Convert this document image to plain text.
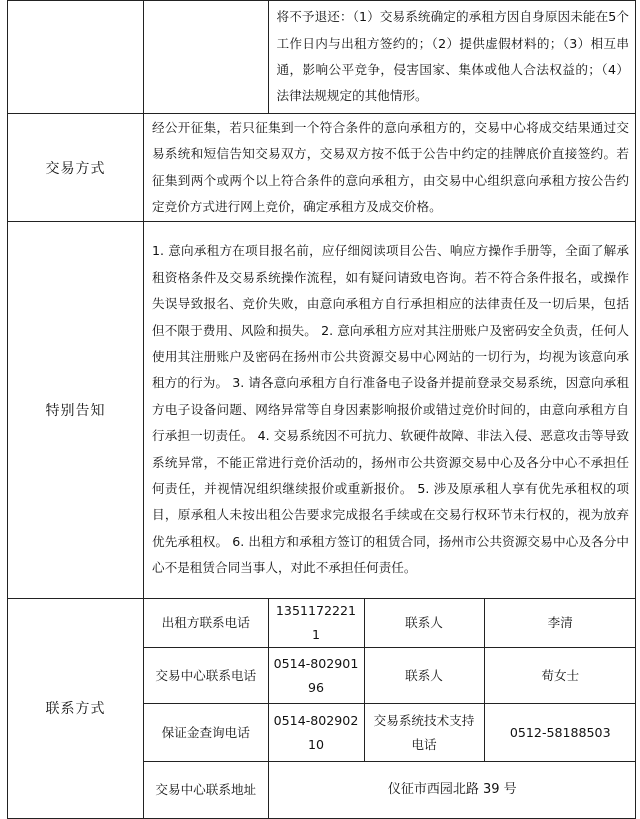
	将不予退还：（1）交易系统确定的承租方因自身原因未能在5个工作日内与出租方签约的；（2）提供虚假材料的；（3）相互串通，影响公平竞争，侵害国家、集体或他人合法权益的；（4）法律法规规定的其他情形。

交易方式	经公开征集，若只征集到一个符合条件的意向承租方的，交易中心将成交结果通过交易系统和短信告知交易双方，交易双方按不低于公告中约定的挂牌底价直接签约。若征集到两个或两个以上符合条件的意向承租方，由交易中心组织意向承租方按公告约定竞价方式进行网上竞价，确定承租方及成交价格。
特别告知	1. 意向承租方在项目报名前，应仔细阅读项目公告、响应方操作手册等，全面了解承租资格条件及交易系统操作流程，如有疑问请致电咨询。若不符合条件报名，或操作失误导致报名、竞价失败，由意向承租方自行承担相应的法律责任及一切后果，包括但不限于费用、风险和损失。 2. 意向承租方应对其注册账户及密码安全负责，任何人使用其注册账户及密码在扬州市公共资源交易中心网站的一切行为，均视为该意向承租方的行为。 3. 请各意向承租方自行准备电子设备并提前登录交易系统，因意向承租方电子设备问题、网络异常等自身因素影响报价或错过竞价时间的，由意向承租方自行承担一切责任。 4. 交易系统因不可抗力、软硬件故障、非法入侵、恶意攻击等导致系统异常，不能正常进行竞价活动的，扬州市公共资源交易中心及各分中心不承担任何责任，并视情况组织继续报价或重新报价。 5. 涉及原承租人享有优先承租权的项目，原承租人未按出租公告要求完成报名手续或在交易行权环节未行权的，视为放弃优先承租权。 6. 出租方和承租方签订的租赁合同，扬州市公共资源交易中心及各分中心不是租赁合同当事人，对此不承担任何责任。
联系方式	
出租方联系电话	13511722211	联系人	李清
交易中心联系电话	0514-80290196	联系人	荀女士
保证金查询电话	0514-80290210	交易系统技术支持电话	0512-58188503
交易中心联系地址	仪征市西园北路 39 号
